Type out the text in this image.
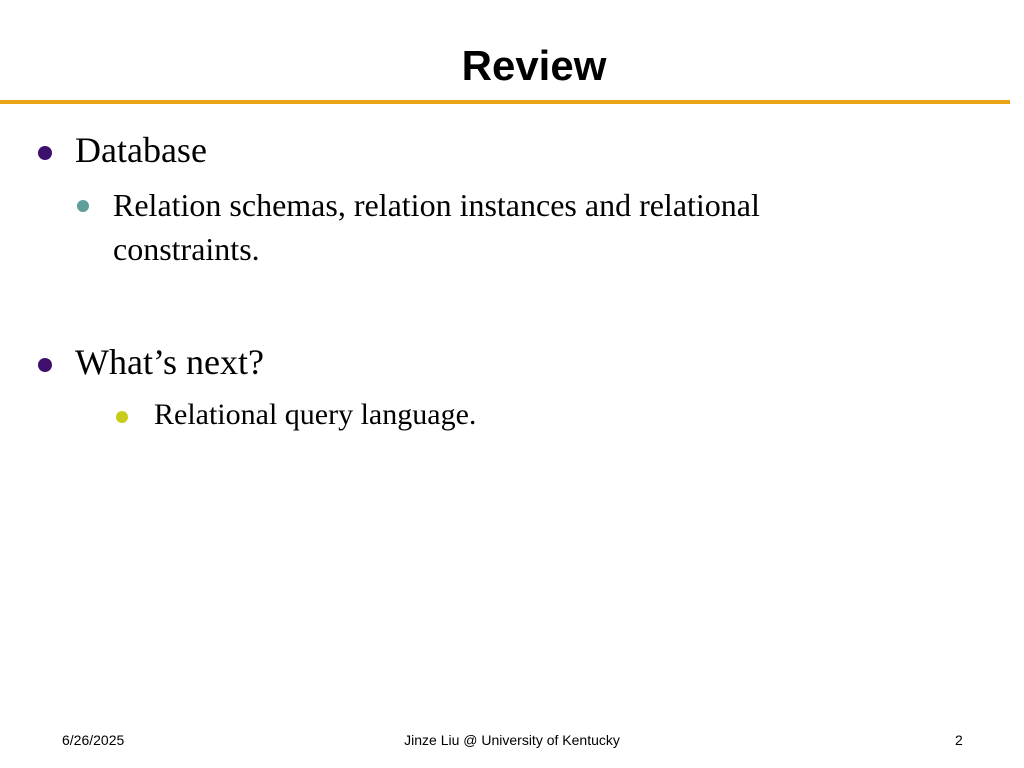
Review
Database
Relation schemas, relation instances and relational
constraints.
What’s next?
Relational query language.
6/26/2025	Jinze Liu @ University of Kentucky	2
